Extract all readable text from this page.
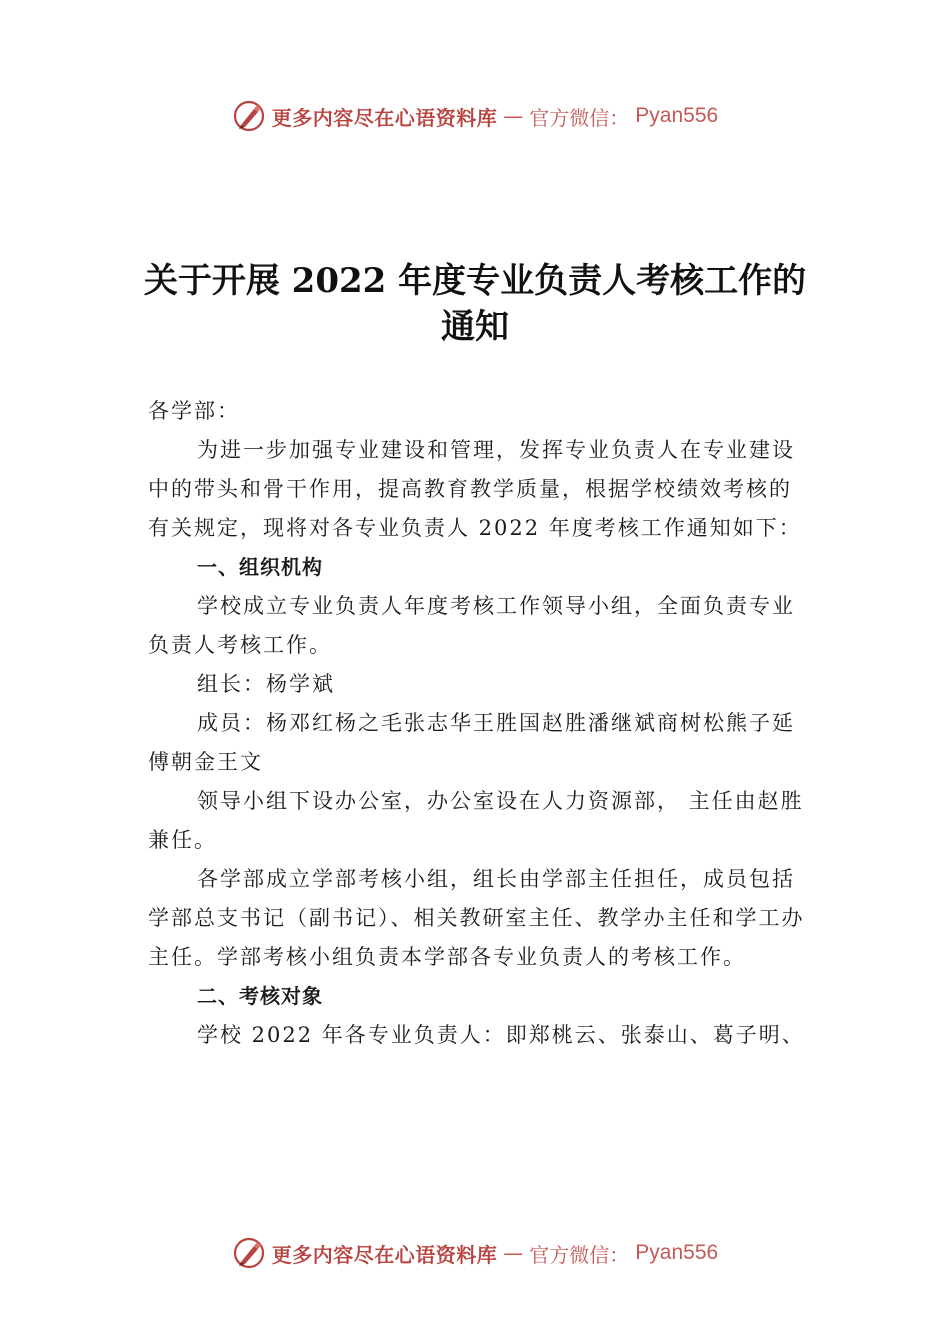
更多内容尽在心语资料库 — 官方微信： Pyan556
关于开展 2022 年度专业负责人考核工作的
通知

各学部：

为进一步加强专业建设和管理，发挥专业负责人在专业建设中的带头和骨干作用，提高教育教学质量，根据学校绩效考核的有关规定，现将对各专业负责人 2022 年度考核工作通知如下：

一、组织机构

学校成立专业负责人年度考核工作领导小组，全面负责专业负责人考核工作。

组长：杨学斌

成员：杨邓红杨之毛张志华王胜国赵胜潘继斌商树松熊子延傅朝金王文

领导小组下设办公室，办公室设在人力资源部， 主任由赵胜兼任。

各学部成立学部考核小组，组长由学部主任担任，成员包括学部总支书记（副书记）、相关教研室主任、教学办主任和学工办主任。学部考核小组负责本学部各专业负责人的考核工作。

二、考核对象

学校 2022 年各专业负责人：即郑桃云、张泰山、葛子明、

更多内容尽在心语资料库 — 官方微信： Pyan556
